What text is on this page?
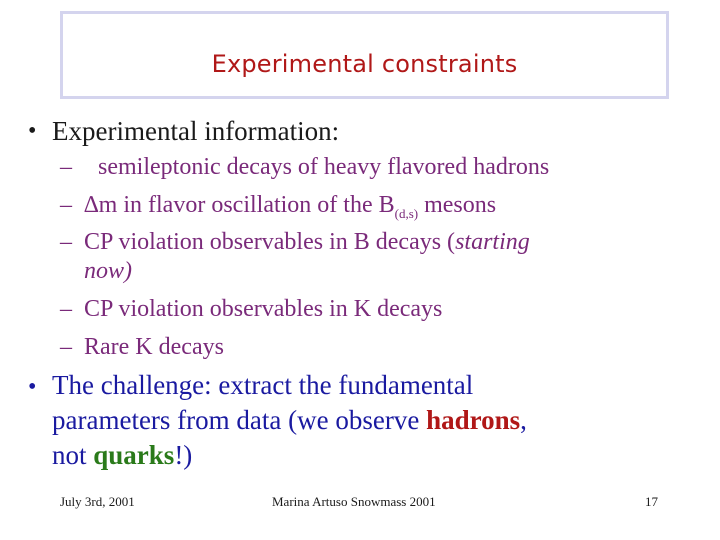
Experimental constraints
• Experimental information:
– semileptonic decays of heavy flavored hadrons
– ∆m in flavor oscillation of the $B_{(d,s)}$ mesons
– CP violation observables in B decays (starting
now)
– CP violation observables in K decays
– Rare K decays
• The challenge: extract the fundamental
parameters from data (we observe hadrons,
not quarks!)
July 3rd, 2001	Marina Artuso Snowmass 2001	17
